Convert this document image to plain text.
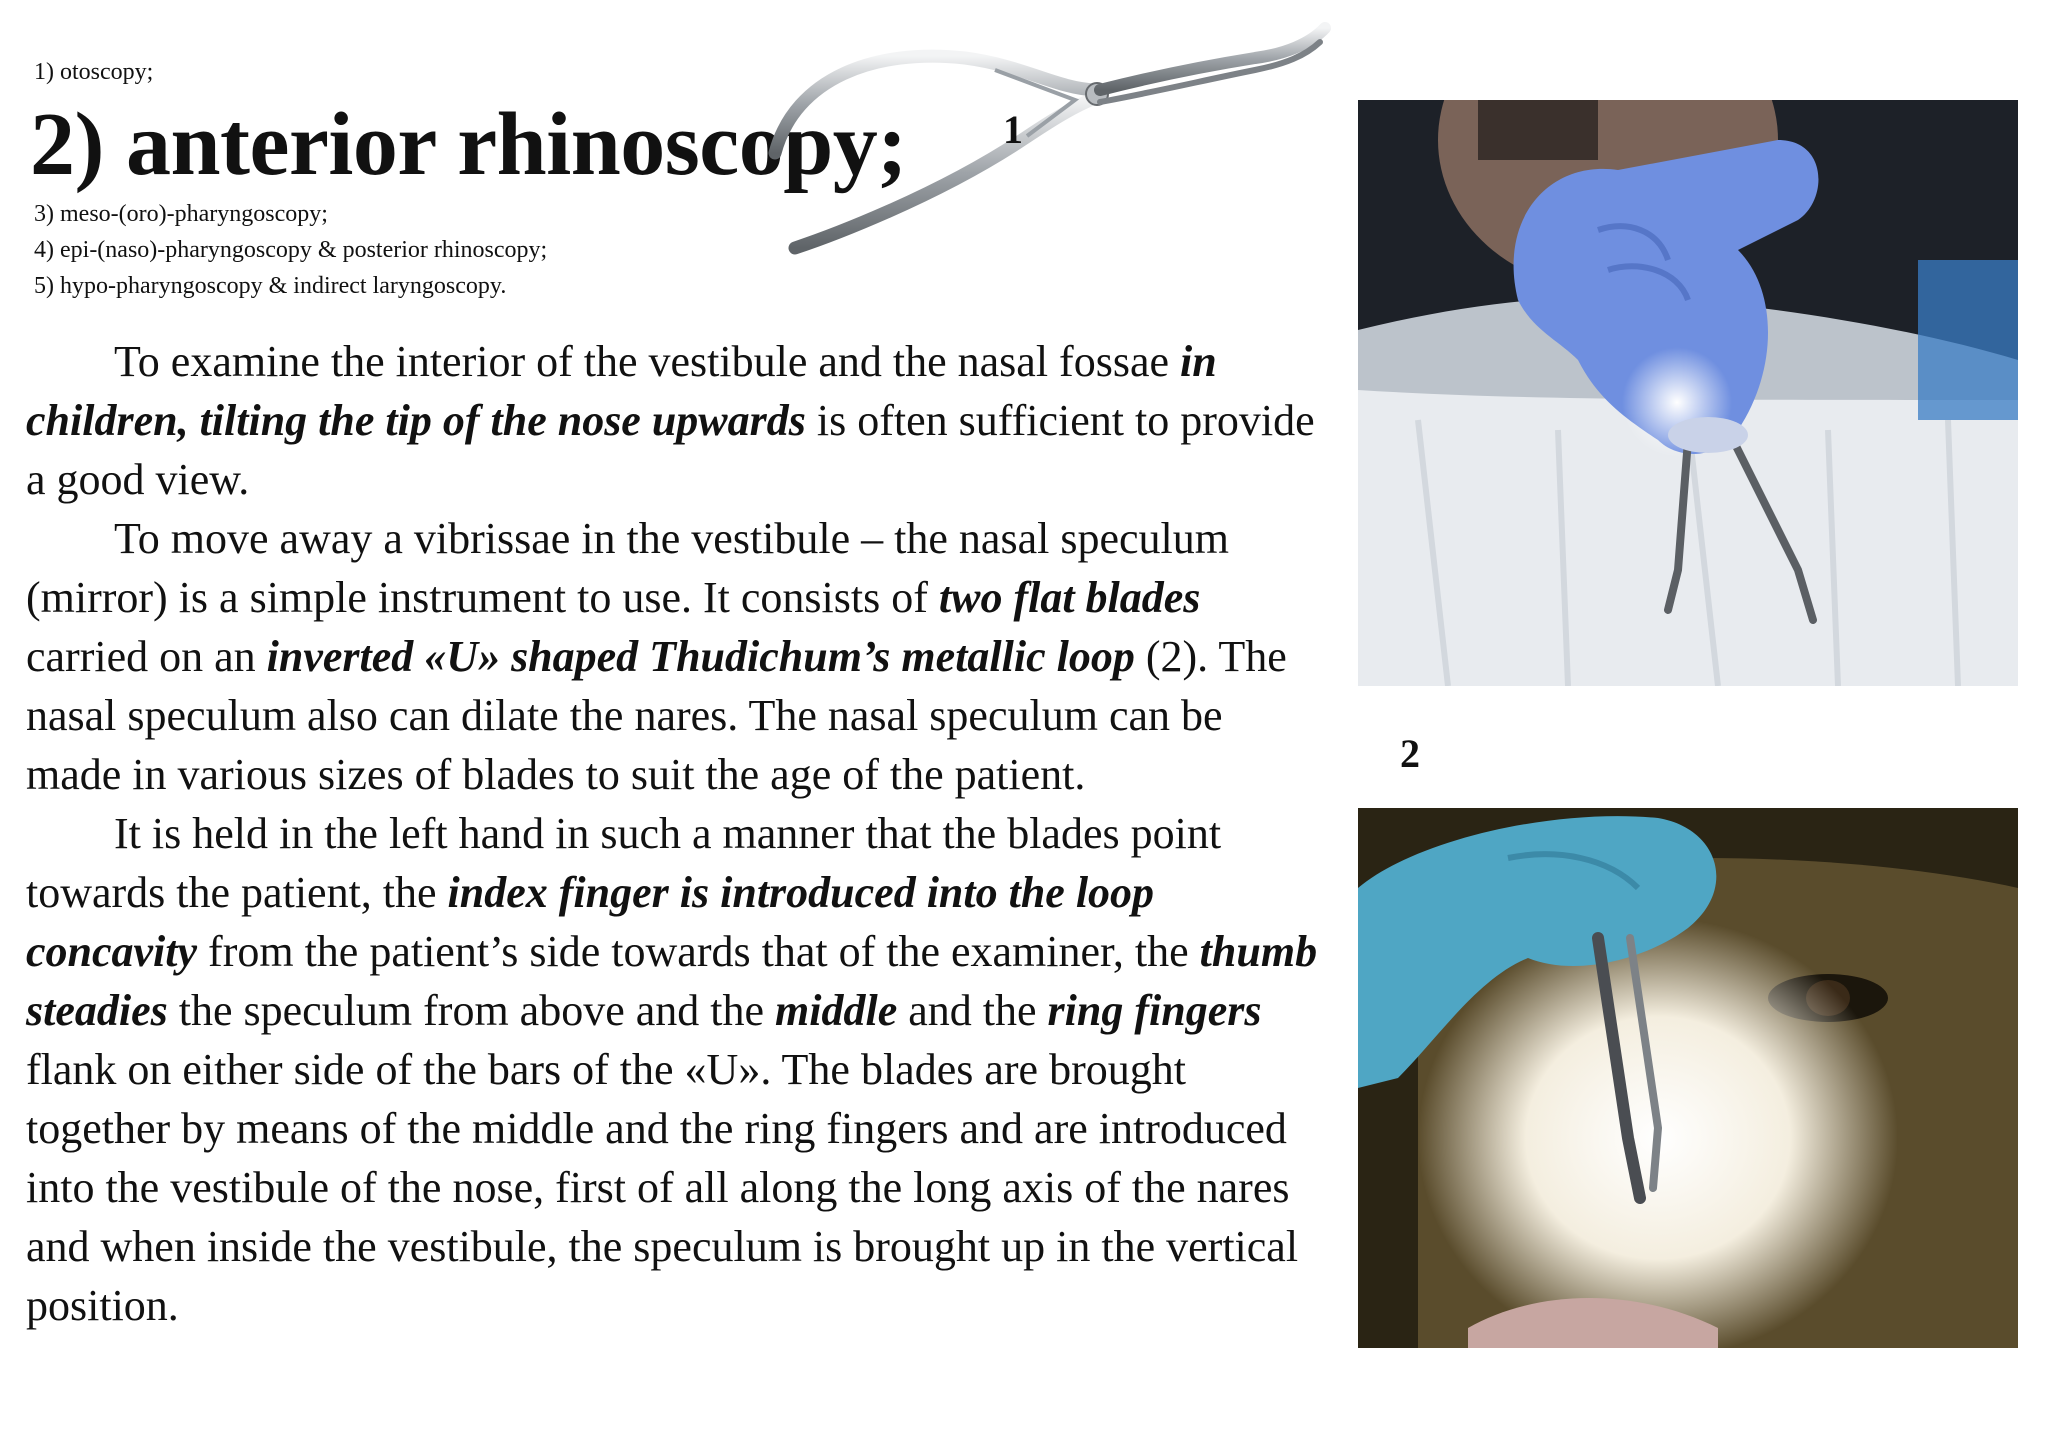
1) otoscopy;
2) anterior rhinoscopy;
3) meso-(oro)-pharyngoscopy;
4) epi-(naso)-pharyngoscopy & posterior rhinoscopy;
5) hypo-pharyngoscopy & indirect laryngoscopy.
1

To examine the interior of the vestibule and the nasal fossae in children, tilting the tip of the nose upwards is often sufficient to provide a good view.

To move away a vibrissae in the vestibule – the nasal speculum (mirror) is a simple instrument to use. It consists of two flat blades carried on an inverted «U» shaped Thudichum’s metallic loop (2). The nasal speculum also can dilate the nares. The nasal speculum can be made in various sizes of blades to suit the age of the patient.

It is held in the left hand in such a manner that the blades point towards the patient, the index finger is introduced into the loop concavity from the patient’s side towards that of the examiner, the thumb steadies the speculum from above and the middle and the ring fingers flank on either side of the bars of the «U». The blades are brought together by means of the middle and the ring fingers and are introduced into the vestibule of the nose, first of all along the long axis of the nares and when inside the vestibule, the speculum is brought up in the vertical position.

2
